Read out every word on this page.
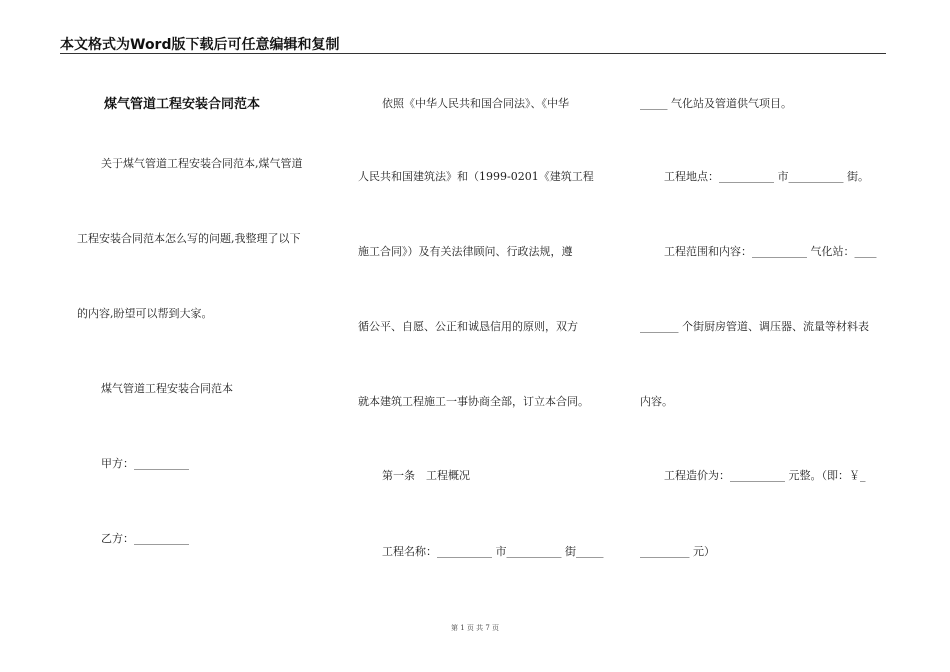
本文格式为Word版下载后可任意编辑和复制
煤气管道工程安装合同范本
关于煤气管道工程安装合同范本,煤气管道
工程安装合同范本怎么写的问题,我整理了以下
的内容,盼望可以帮到大家。
煤气管道工程安装合同范本
甲方：__________
乙方：__________
依照《中华人民共和国合同法》、《中华
人民共和国建筑法》和（1999-0201《建筑工程
施工合同》）及有关法律顾问、行政法规，遵
循公平、自愿、公正和诚恳信用的原则，双方
就本建筑工程施工一事协商全部，订立本合同。
第一条　工程概况
工程名称：__________ 市__________ 街_____
_____ 气化站及管道供气项目。
工程地点：__________ 市__________ 街。
工程范围和内容：__________ 气化站：____
_______ 个街厨房管道、调压器、流量等材料表
内容。
工程造价为：__________ 元整。（即：￥_
_________ 元）
第 1 页 共 7 页
